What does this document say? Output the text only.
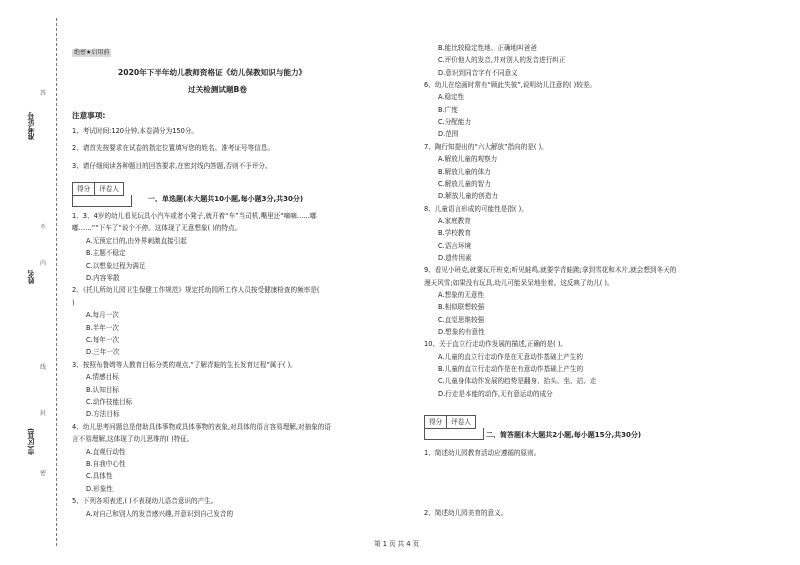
准考证号
姓名
市(区县)
答
不
内
线
封
密
绝密★启用前
2020年下半年幼儿教师资格证《幼儿保教知识与能力》
过关检测试题B卷
注意事项:
1、考试时间:120分钟,本卷满分为150分。
2、请首先按要求在试卷的指定位置填写您的姓名、准考证号等信息。
3、请仔细阅读各种题目的回答要求,在密封线内答题,否则不予评分。
得分	评卷人
一、单选题(本大题共10小题,每小题3分,共30分)
1、3、4岁的幼儿看见玩具小汽车或者小凳子,就开着“车”当司机,嘴里还“嘀嘀……嘟
嘟……”“下车了”说个不停。这体现了无意想象( )的特点。
A.无预定目的,由外界刺激直接引起
B.主题不稳定
C.以想象过程为满足
D.内容零散
2、《托儿所幼儿园卫生保健工作规范》规定托幼园所工作人员按受健康检查的频率是(
)
A.每月一次
B.半年一次
C.每年一次
D.三年一次
3、按照布鲁姆等人教育目标分类的观点,“了解青蛙的生长发育过程”属于( )。
A.情感目标
B.认知目标
C.动作技能目标
D.方法目标
4、幼儿思考问题总是借助具体事物或具体事物的表象,对具体的语言容易理解,对抽象的语
言不易理解,这体现了幼儿思维的( )特征。
A.直观行动性
B.自我中心性
C.具体性
D.形象性
5、下列各项表述,( )不表现幼儿语音意识的产生。
A.对自己和别人的发音感兴趣,并意识到自己发音的
B.能比较稳定性地、正确地叫爸爸
C.评价他人的发音,并对别人的发音进行纠正
D.意识到同音字有不同意义
6、幼儿在绘画时常有“顾此失彼”,说明幼儿注意的( )较差。
A.稳定性
B.广度
C.分配能力
D.范围
7、陶行知提出的“六大解放”指向的是( )。
A.解放儿童的观察力
B.解放儿童的体力
C.解放儿童的智力
D.解放儿童的创造力
8、儿童语言形成的可能性是指( )。
A.家庭教育
B.学校教育
C.语言环境
D.遗传因素
9、看见小班克,就要玩开班克;听见蛙鸣,就要学青蛙跳;拿到雪花和木片,就会想到冬天的
漫天风雪;如果没有玩具,幼儿可能呆呆地坐着。这反映了幼儿( )。
A.想象的无意性
B.相似联想较强
C.直觉思维较强
D.想象的有意性
10、关于直立行走动作发展的描述,正确的是( )。
A.儿童的直立行走动作是在无意动作基础上产生的
B.儿童的直立行走动作是在有意动作基础上产生的
C.儿童身体动作发展的趋势是翻身、抬头、坐、站、走
D.行走是本能的动作,无有意运动的成分
得分	评卷人
二、简答题(本大题共2小题,每小题15分,共30分)
1、简述幼儿园教育活动应遵循的原则。
2、简述幼儿园美育的意义。
第 1 页 共 4 页
